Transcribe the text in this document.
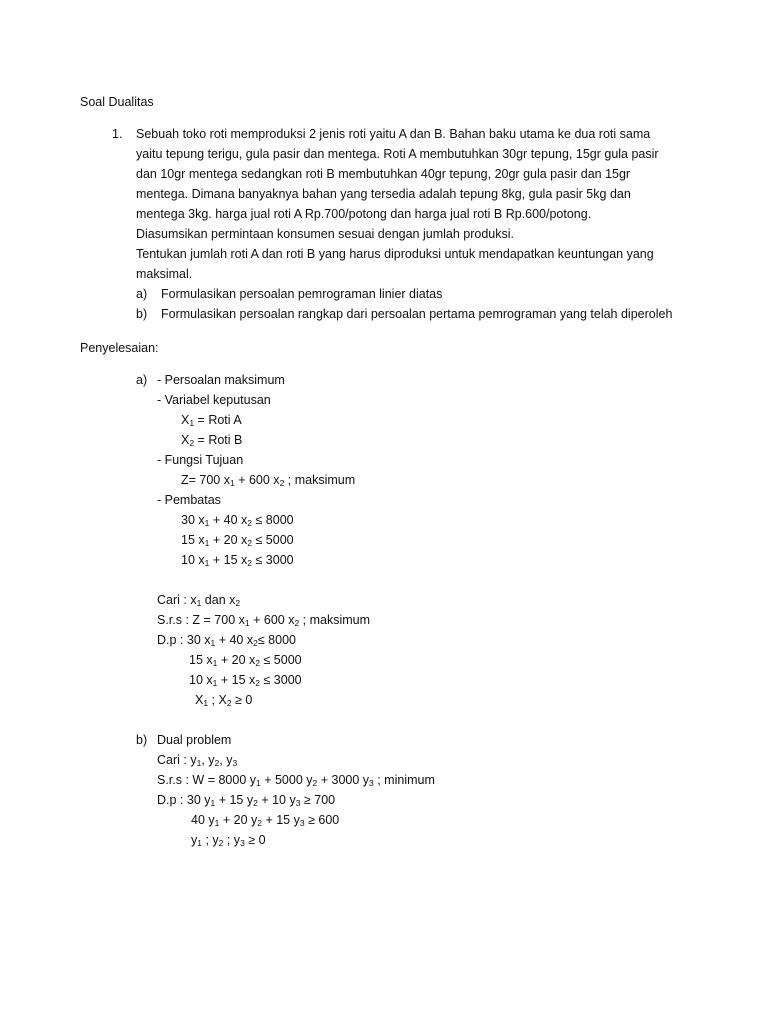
Soal Dualitas
1. Sebuah toko roti memproduksi 2 jenis roti yaitu A dan B. Bahan baku utama ke dua roti sama
yaitu tepung terigu, gula pasir dan mentega. Roti A membutuhkan 30gr tepung, 15gr gula pasir
dan 10gr mentega sedangkan roti B membutuhkan 40gr tepung, 20gr gula pasir dan 15gr
mentega. Dimana banyaknya bahan yang tersedia adalah tepung 8kg, gula pasir 5kg dan
mentega 3kg. harga jual roti A Rp.700/potong dan harga jual roti B Rp.600/potong.
Diasumsikan permintaan konsumen sesuai dengan jumlah produksi.
Tentukan jumlah roti A dan roti B yang harus diproduksi untuk mendapatkan keuntungan yang
maksimal.
a) Formulasikan persoalan pemrograman linier diatas
b) Formulasikan persoalan rangkap dari persoalan pertama pemrograman yang telah diperoleh
Penyelesaian:
a) - Persoalan maksimum
- Variabel keputusan
$X_1$ = Roti A
$X_2$ = Roti B
- Fungsi Tujuan
Z= 700 $x_1 + 600$ $x_2$ ; maksimum
- Pembatas
30 $x_1 + 40$ $x_2 \le 8000$
15 $x_1 + 20$ $x_2 \le 5000$
10 $x_1 + 15$ $x_2 \le 3000$
Cari : $x_1$ dan $x_2$
S.r.s : Z = 700 $x_1 + 600$ $x_2$ ; maksimum
D.p : 30 $x_1 + 40$ $x_2\le 8000$
15 $x_1 + 20$ $x_2 \le 5000$
10 $x_1 + 15$ $x_2 \le 3000$
$X_1$ ; $X_2 \ge 0$
b) Dual problem
Cari : $y_1$, $y_2$, $y_3$
S.r.s : W = 8000 $y_1 + 5000$ $y_2 + 3000$ $y_3$ ; minimum
D.p : 30 $y_1 + 15$ $y_2 + 10$ $y_3 \ge 700$
40 $y_1 + 20$ $y_2 + 15$ $y_3 \ge 600$
$y_1$ ; $y_2$ ; $y_3 \ge 0$
